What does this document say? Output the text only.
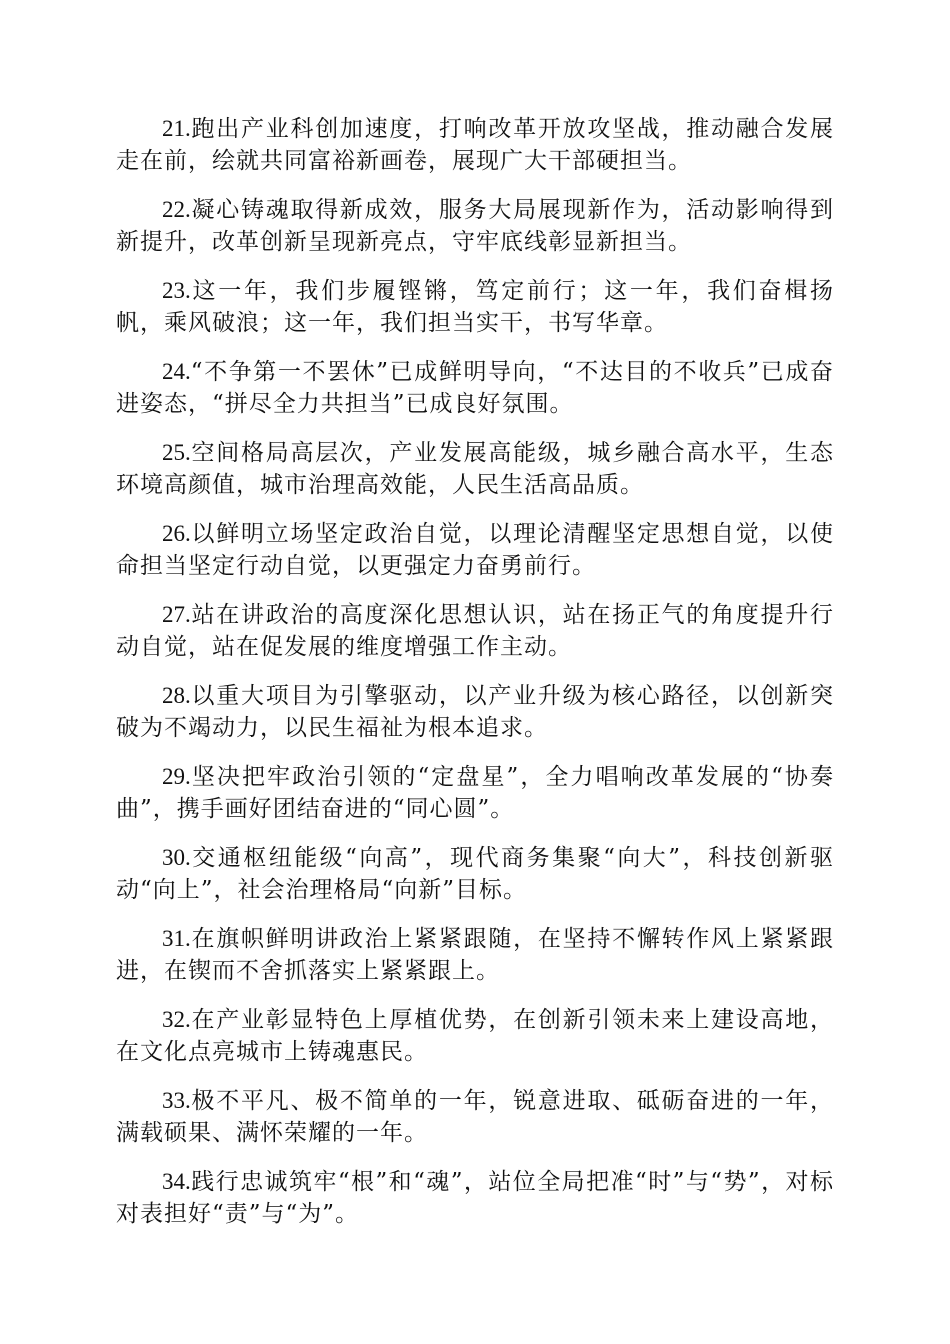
21.跑出产业科创加速度，打响改革开放攻坚战，推动融合发展走在前，绘就共同富裕新画卷，展现广大干部硬担当。

22.凝心铸魂取得新成效，服务大局展现新作为，活动影响得到新提升，改革创新呈现新亮点，守牢底线彰显新担当。

23.这一年，我们步履铿锵，笃定前行；这一年，我们奋楫扬帆，乘风破浪；这一年，我们担当实干，书写华章。

24.“不争第一不罢休”已成鲜明导向，“不达目的不收兵”已成奋进姿态，“拼尽全力共担当”已成良好氛围。

25.空间格局高层次，产业发展高能级，城乡融合高水平，生态环境高颜值，城市治理高效能，人民生活高品质。

26.以鲜明立场坚定政治自觉，以理论清醒坚定思想自觉，以使命担当坚定行动自觉，以更强定力奋勇前行。

27.站在讲政治的高度深化思想认识，站在扬正气的角度提升行动自觉，站在促发展的维度增强工作主动。

28.以重大项目为引擎驱动，以产业升级为核心路径，以创新突破为不竭动力，以民生福祉为根本追求。

29.坚决把牢政治引领的“定盘星”，全力唱响改革发展的“协奏曲”，携手画好团结奋进的“同心圆”。

30.交通枢纽能级“向高”，现代商务集聚“向大”，科技创新驱动“向上”，社会治理格局“向新”目标。

31.在旗帜鲜明讲政治上紧紧跟随，在坚持不懈转作风上紧紧跟进，在锲而不舍抓落实上紧紧跟上。

32.在产业彰显特色上厚植优势，在创新引领未来上建设高地，在文化点亮城市上铸魂惠民。

33.极不平凡、极不简单的一年，锐意进取、砥砺奋进的一年，满载硕果、满怀荣耀的一年。

34.践行忠诚筑牢“根”和“魂”，站位全局把准“时”与“势”，对标对表担好“责”与“为”。
